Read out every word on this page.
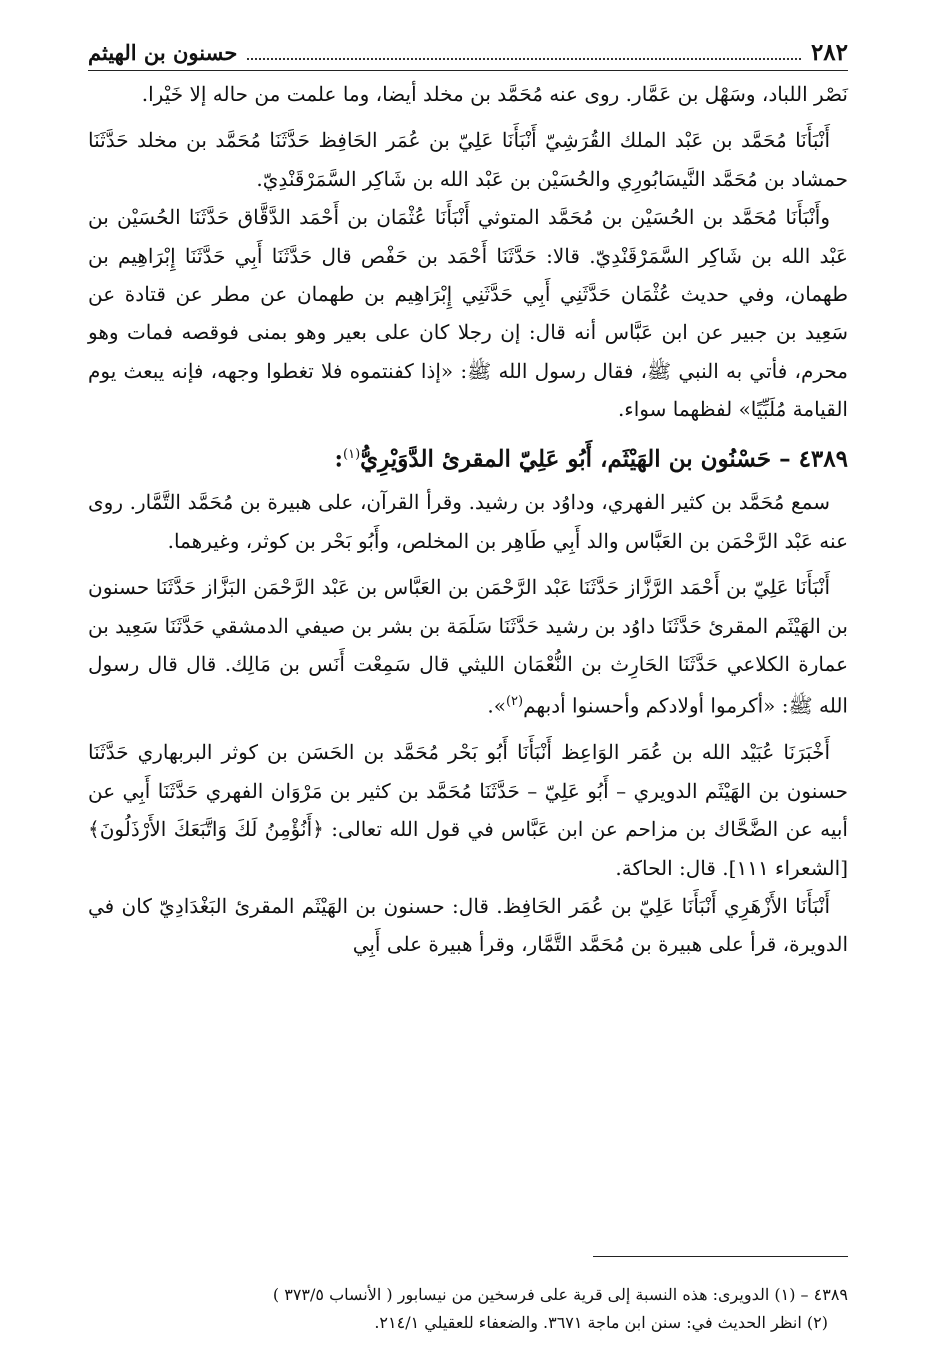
٢٨٢
حسنون بن الهيثم

نَصْر اللباد، وسَهْل بن عَمَّار. روى عنه مُحَمَّد بن مخلد أيضا، وما علمت من حاله إلا خَيْرا.

أَنْبَأَنَا مُحَمَّد بن عَبْد الملك القُرَشِيّ أَنْبَأَنَا عَلِيّ بن عُمَر الحَافِظ حَدَّثَنَا مُحَمَّد بن مخلد حَدَّثَنَا حمشاد بن مُحَمَّد النَّيسَابُورِي والحُسَيْن بن عَبْد الله بن شَاكِر السَّمَرْقَنْدِيّ.

وأَنْبَأَنَا مُحَمَّد بن الحُسَيْن بن مُحَمَّد المتوثي أَنْبَأَنَا عُثْمَان بن أَحْمَد الدَّقَّاق حَدَّثَنَا الحُسَيْن بن عَبْد الله بن شَاكِر السَّمَرْقَنْدِيّ. قالا: حَدَّثَنَا أَحْمَد بن حَفْص قال حَدَّثَنَا أَبِي حَدَّثَنَا إِبْرَاهِيم بن طهمان، وفي حديث عُثْمَان حَدَّثَنِي أَبِي حَدَّثَنِي إِبْرَاهِيم بن طهمان عن مطر عن قتادة عن سَعِيد بن جبير عن ابن عَبَّاس أنه قال: إن رجلا كان على بعير وهو بمنى فوقصه فمات وهو محرم، فأتي به النبي ﷺ، فقال رسول الله ﷺ: «إذا كفنتموه فلا تغطوا وجهه، فإنه يبعث يوم القيامة مُلَبِّيًا» لفظهما سواء.

٤٣٨٩ – حَسْنُون بن الهَيْثَم، أَبُو عَلِيّ المقرئ الدَّوَيْرِيُّ$^{(١)}$:

سمع مُحَمَّد بن كثير الفهري، وداوُد بن رشيد. وقرأ القرآن، على هبيرة بن مُحَمَّد التَّمَّار. روى عنه عَبْد الرَّحْمَن بن العَبَّاس والد أَبِي طَاهِر بن المخلص، وأَبُو بَحْر بن كوثر، وغيرهما.

أَنْبَأَنَا عَلِيّ بن أَحْمَد الرَّزَّاز حَدَّثَنَا عَبْد الرَّحْمَن بن العَبَّاس بن عَبْد الرَّحْمَن البَزَّاز حَدَّثَنَا حسنون بن الهَيْثَم المقرئ حَدَّثَنَا داوُد بن رشيد حَدَّثَنَا سَلَمَة بن بشر بن صيفي الدمشقي حَدَّثَنَا سَعِيد بن عمارة الكلاعي حَدَّثَنَا الحَارِث بن النُّعْمَان الليثي قال سَمِعْت أَنَس بن مَالِك. قال قال رسول الله ﷺ: «أكرموا أولادكم وأحسنوا أدبهم$^{(٢)}$».

أَخْبَرَنَا عُبَيْد الله بن عُمَر الوَاعِظ أَنْبَأَنَا أَبُو بَحْر مُحَمَّد بن الحَسَن بن كوثر البربهاري حَدَّثَنَا حسنون بن الهَيْثَم الدويري – أَبُو عَلِيّ – حَدَّثَنَا مُحَمَّد بن كثير بن مَرْوَان الفهري حَدَّثَنَا أَبِي عن أبيه عن الضَّحَّاك بن مزاحم عن ابن عَبَّاس في قول الله تعالى: ﴿أَنُؤْمِنُ لَكَ وَاتَّبَعَكَ الأَرْذَلُونَ﴾ [الشعراء ١١١]. قال: الحاكة.

أَنْبَأَنَا الأَزْهَرِي أَنْبَأَنَا عَلِيّ بن عُمَر الحَافِظ. قال: حسنون بن الهَيْثَم المقرئ البَغْدَادِيّ كان في الدويرة، قرأ على هبيرة بن مُحَمَّد التَّمَّار، وقرأ هبيرة على أَبِي

٤٣٨٩ – (١) الدويرى: هذه النسبة إلى قرية على فرسخين من نيسابور ( الأنساب ٣٧٣/٥ )

(٢) انظر الحديث في: سنن ابن ماجة ٣٦٧١. والضعفاء للعقيلي ٢١٤/١.
